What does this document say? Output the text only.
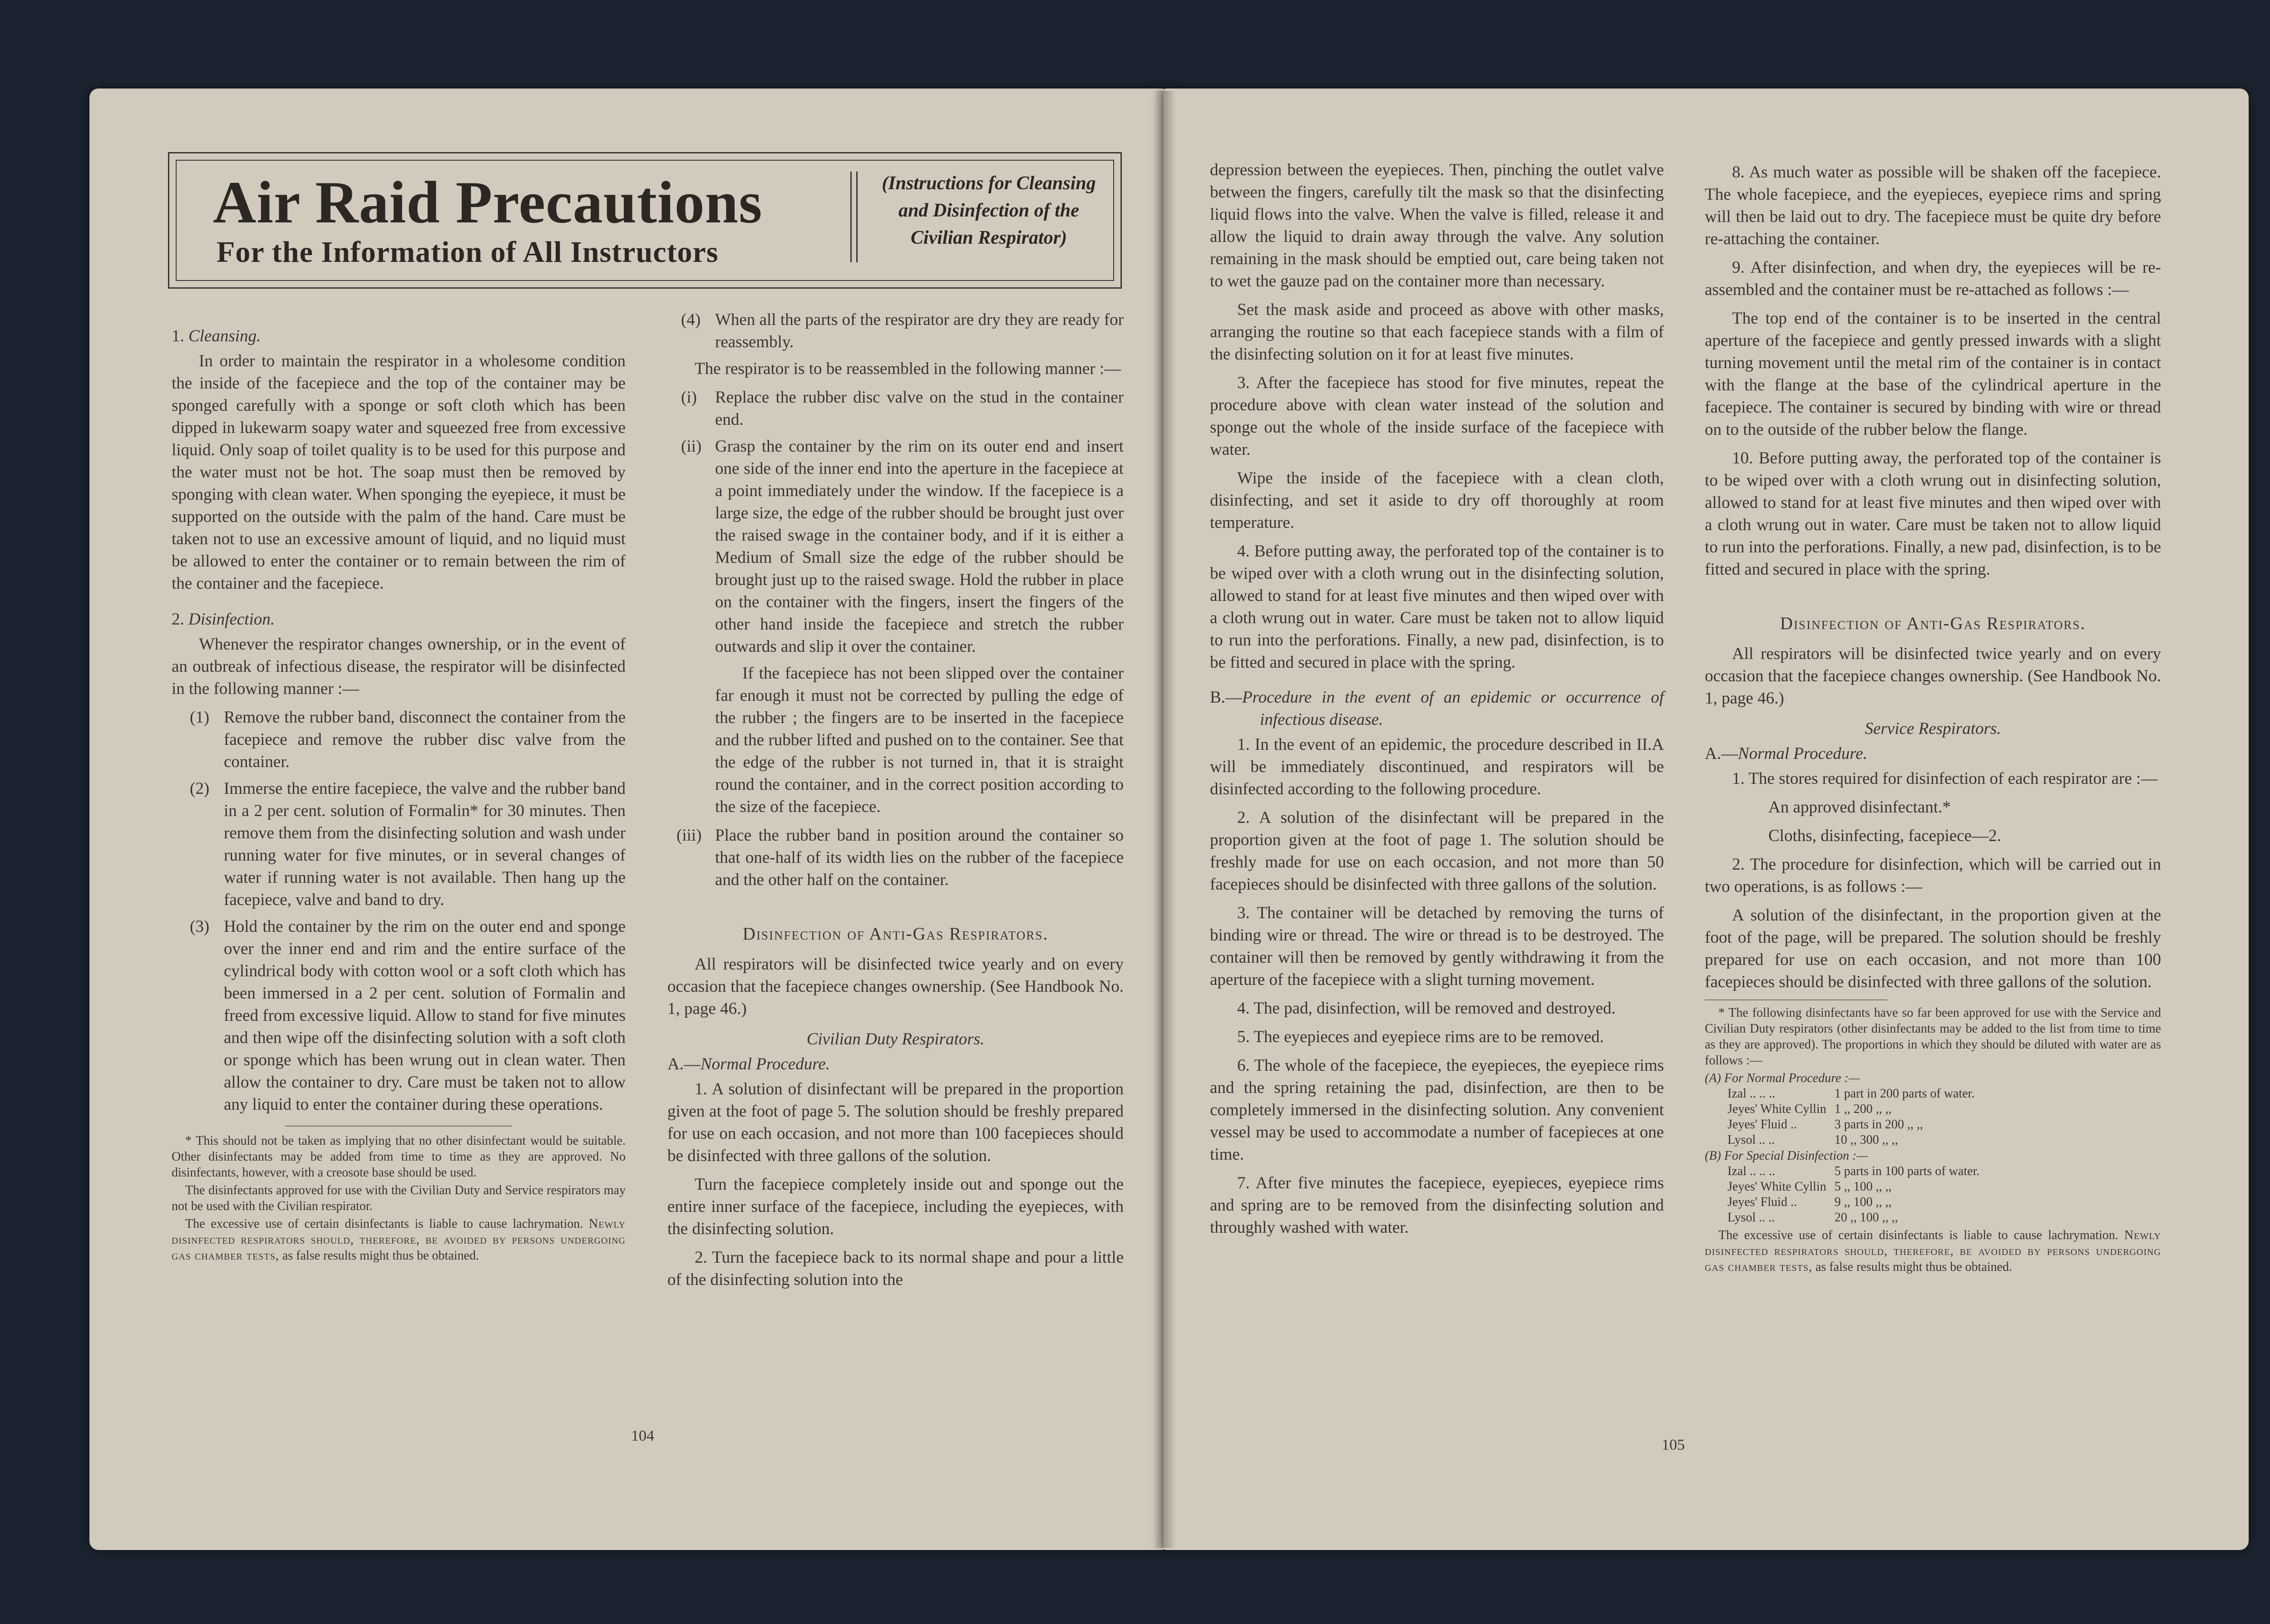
Air Raid Precautions
For the Information of All Instructors
(Instructions for Cleansing and Disinfection of the Civilian Respirator)
1. Cleansing.

In order to maintain the respirator in a wholesome condition the inside of the facepiece and the top of the container may be sponged carefully with a sponge or soft cloth which has been dipped in lukewarm soapy water and squeezed free from excessive liquid. Only soap of toilet quality is to be used for this purpose and the water must not be hot. The soap must then be removed by sponging with clean water. When sponging the eyepiece, it must be supported on the outside with the palm of the hand. Care must be taken not to use an excessive amount of liquid, and no liquid must be allowed to enter the container or to remain between the rim of the container and the facepiece.

2. Disinfection.

Whenever the respirator changes ownership, or in the event of an outbreak of infectious disease, the respirator will be disinfected in the following manner :—

(1) Remove the rubber band, disconnect the container from the facepiece and remove the rubber disc valve from the container.
(2) Immerse the entire facepiece, the valve and the rubber band in a 2 per cent. solution of Formalin* for 30 minutes. Then remove them from the disinfecting solution and wash under running water for five minutes, or in several changes of water if running water is not available. Then hang up the facepiece, valve and band to dry.
(3) Hold the container by the rim on the outer end and sponge over the inner end and rim and the entire surface of the cylindrical body with cotton wool or a soft cloth which has been immersed in a 2 per cent. solution of Formalin and freed from excessive liquid. Allow to stand for five minutes and then wipe off the disinfecting solution with a soft cloth or sponge which has been wrung out in clean water. Then allow the container to dry. Care must be taken not to allow any liquid to enter the container during these operations.

* This should not be taken as implying that no other disinfectant would be suitable. Other disinfectants may be added from time to time as they are approved. No disinfectants, however, with a creosote base should be used.

The disinfectants approved for use with the Civilian Duty and Service respirators may not be used with the Civilian respirator.

The excessive use of certain disinfectants is liable to cause lachrymation. Newly disinfected respirators should, therefore, be avoided by persons undergoing gas chamber tests, as false results might thus be obtained.

(4) When all the parts of the respirator are dry they are ready for reassembly.

The respirator is to be reassembled in the following manner :—

(i)	Replace the rubber disc valve on the stud in the container end.
(ii) Grasp the container by the rim on its outer end and insert one side of the inner end into the aperture in the facepiece at a point immediately under the window. If the facepiece is a large size, the edge of the rubber should be brought just over the raised swage in the container body, and if it is either a Medium of Small size the edge of the rubber should be brought just up to the raised swage. Hold the rubber in place on the container with the fingers, insert the fingers of the other hand inside the facepiece and stretch the rubber outwards and slip it over the container.

If the facepiece has not been slipped over the container far enough it must not be corrected by pulling the edge of the rubber ; the fingers are to be inserted in the facepiece and the rubber lifted and pushed on to the container. See that the edge of the rubber is not turned in, that it is straight round the container, and in the correct position according to the size of the facepiece.

(iii) Place the rubber band in position around the container so that one-half of its width lies on the rubber of the facepiece and the other half on the container.
Disinfection of Anti-Gas Respirators.

All respirators will be disinfected twice yearly and on every occasion that the facepiece changes ownership. (See Handbook No. 1, page 46.)

Civilian Duty Respirators.
A.—Normal Procedure.

1. A solution of disinfectant will be prepared in the proportion given at the foot of page 5. The solution should be freshly prepared for use on each occasion, and not more than 100 facepieces should be disinfected with three gallons of the solution.

Turn the facepiece completely inside out and sponge out the entire inner surface of the facepiece, including the eyepieces, with the disinfecting solution.

2. Turn the facepiece back to its normal shape and pour a little of the disinfecting solution into the

104

depression between the eyepieces. Then, pinching the outlet valve between the fingers, carefully tilt the mask so that the disinfecting liquid flows into the valve. When the valve is filled, release it and allow the liquid to drain away through the valve. Any solution remaining in the mask should be emptied out, care being taken not to wet the gauze pad on the container more than necessary.

Set the mask aside and proceed as above with other masks, arranging the routine so that each facepiece stands with a film of the disinfecting solution on it for at least five minutes.

3. After the facepiece has stood for five minutes, repeat the procedure above with clean water instead of the solution and sponge out the whole of the inside surface of the facepiece with water.

Wipe the inside of the facepiece with a clean cloth, disinfecting, and set it aside to dry off thoroughly at room temperature.

4. Before putting away, the perforated top of the container is to be wiped over with a cloth wrung out in the disinfecting solution, allowed to stand for at least five minutes and then wiped over with a cloth wrung out in water. Care must be taken not to allow liquid to run into the perforations. Finally, a new pad, disinfection, is to be fitted and secured in place with the spring.

B.—Procedure in the event of an epidemic or occurrence of infectious disease.

1. In the event of an epidemic, the procedure described in II.A will be immediately discontinued, and respirators will be disinfected according to the following procedure.

2. A solution of the disinfectant will be prepared in the proportion given at the foot of page 1. The solution should be freshly made for use on each occasion, and not more than 50 facepieces should be disinfected with three gallons of the solution.

3. The container will be detached by removing the turns of binding wire or thread. The wire or thread is to be destroyed. The container will then be removed by gently withdrawing it from the aperture of the facepiece with a slight turning movement.

4. The pad, disinfection, will be removed and destroyed.

5. The eyepieces and eyepiece rims are to be removed.

6. The whole of the facepiece, the eyepieces, the eyepiece rims and the spring retaining the pad, disinfection, are then to be completely immersed in the disinfecting solution. Any convenient vessel may be used to accommodate a number of facepieces at one time.

7. After five minutes the facepiece, eyepieces, eyepiece rims and spring are to be removed from the disinfecting solution and throughly washed with water.

8. As much water as possible will be shaken off the facepiece. The whole facepiece, and the eyepieces, eyepiece rims and spring will then be laid out to dry. The facepiece must be quite dry before re-attaching the container.

9. After disinfection, and when dry, the eyepieces will be re-assembled and the container must be re-attached as follows :—

The top end of the container is to be inserted in the central aperture of the facepiece and gently pressed inwards with a slight turning movement until the metal rim of the container is in contact with the flange at the base of the cylindrical aperture in the facepiece. The container is secured by binding with wire or thread on to the outside of the rubber below the flange.

10. Before putting away, the perforated top of the container is to be wiped over with a cloth wrung out in disinfecting solution, allowed to stand for at least five minutes and then wiped over with a cloth wrung out in water. Care must be taken not to allow liquid to run into the perforations. Finally, a new pad, disinfection, is to be fitted and secured in place with the spring.

Disinfection of Anti-Gas Respirators.

All respirators will be disinfected twice yearly and on every occasion that the facepiece changes ownership. (See Handbook No. 1, page 46.)

Service Respirators.
A.—Normal Procedure.

1. The stores required for disinfection of each respirator are :—

An approved disinfectant.*

Cloths, disinfecting, facepiece—2.

2. The procedure for disinfection, which will be carried out in two operations, is as follows :—

A solution of the disinfectant, in the proportion given at the foot of the page, will be prepared. The solution should be freshly prepared for use on each occasion, and not more than 100 facepieces should be disinfected with three gallons of the solution.

* The following disinfectants have so far been approved for use with the Service and Civilian Duty respirators (other disinfectants may be added to the list from time to time as they are approved). The proportions in which they should be diluted with water are as follows :—

(A) For Normal Procedure :—
Izal .. .. ..	1 part in 200 parts of water.
Jeyes' White Cyllin	1 ,, 200 ,, ,,
Jeyes' Fluid ..	3 parts in 200 ,, ,,
Lysol .. ..	10 ,, 300 ,, ,,
(B) For Special Disinfection :—
Izal .. .. ..	5 parts in 100 parts of water.
Jeyes' White Cyllin	5 ,, 100 ,, ,,
Jeyes' Fluid ..	9 ,, 100 ,, ,,
Lysol .. ..	20 ,, 100 ,, ,,

The excessive use of certain disinfectants is liable to cause lachrymation. Newly disinfected respirators should, therefore, be avoided by persons undergoing gas chamber tests, as false results might thus be obtained.

105
